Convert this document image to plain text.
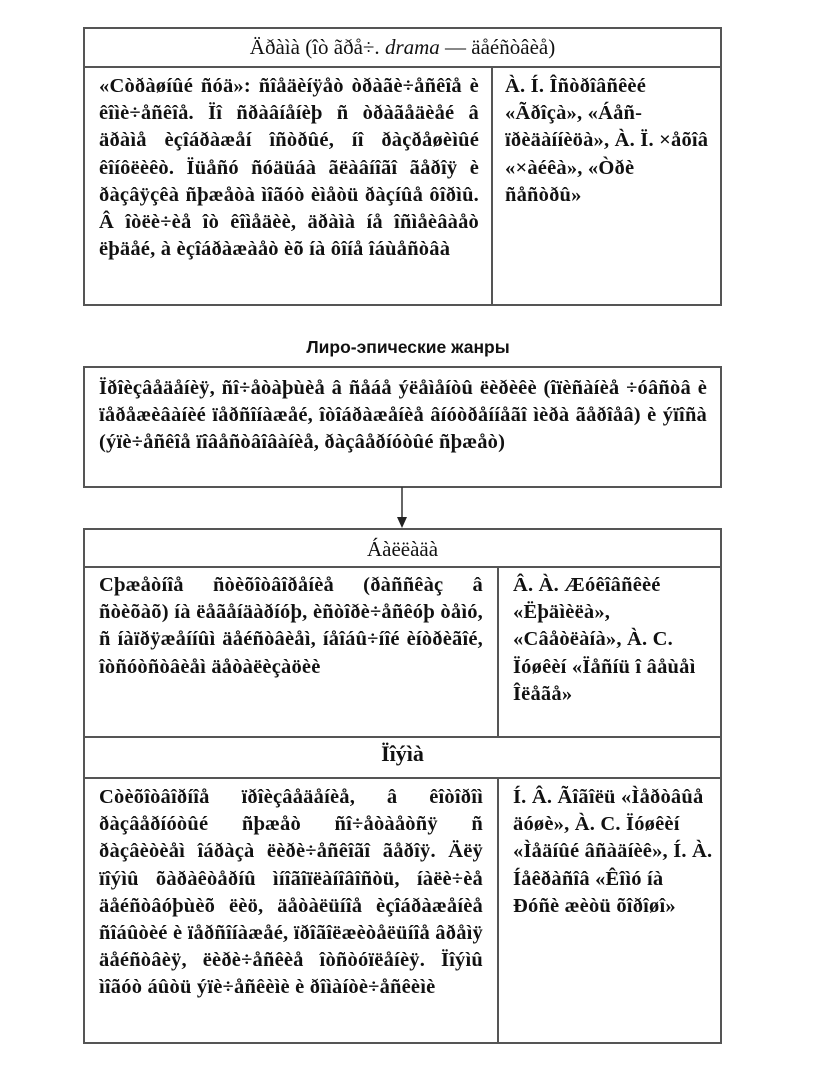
Äðàìà (îò ãðå÷. drama — äåéñòâèå)

«Còðàøíûé ñóä»: ñîåäèíÿåò òðàãè÷åñêîå è êîìè÷åñêîå. Ïî ñðàâíåíèþ ñ òðàãåäèåé â äðàìå èçîáðàæåí îñòðûé, íî ðàçðåøèìûé êîíôëèêò. Ïüåñó ñóäüáà ãëàâíîãî ãåðîÿ è ðàçâÿçêà ñþæåòà ìîãóò èìåòü ðàçíûå ôîðìû. Â îòëè÷èå îò êîìåäèè, äðàìà íå îñìåèâàåò ëþäåé, à èçîáðàæàåò èõ íà ôîíå îáùåñòâà

À. Í. Îñòðîâñêèé «Ãðîçà», «Áåñïðèäàííèöà», À. Ï. ×åõîâ «×àéêà», «Òðè ñåñòðû»

Лиро-эпические жанры

Ïðîèçâåäåíèÿ, ñî÷åòàþùèå â ñåáå ýëåìåíòû ëèðèêè (îïèñàíèå ÷óâñòâ è ïåðåæèâàíèé ïåðñîíàæåé, îòîáðàæåíèå âíóòðåííåãî ìèðà ãåðîåâ) è ýïîñà (ýïè÷åñêîå ïîâåñòâîâàíèå, ðàçâåðíóòûé ñþæåò)

Áàëëàäà

Cþæåòíîå ñòèõîòâîðåíèå (ðàññêàç â ñòèõàõ) íà ëåãåíäàðíóþ, èñòîðè÷åñêóþ òåìó, ñ íàïðÿæåííûì äåéñòâèåì, íåîáû÷íîé èíòðèãîé, îòñóòñòâèåì äåòàëèçàöèè

Â. À. Æóêîâñêèé «Ëþäìèëà», «Câåòëàíà», À. C. Ïóøêèí «Ïåñíü î âåùåì Îëåãå»

Ïîýìà

Còèõîòâîðíîå ïðîèçâåäåíèå, â êîòîðîì ðàçâåðíóòûé ñþæåò ñî÷åòàåòñÿ ñ ðàçâèòèåì îáðàçà ëèðè÷åñêîãî ãåðîÿ. Äëÿ ïîýìû õàðàêòåðíû ìíîãîïëàíîâîñòü, íàëè÷èå äåéñòâóþùèõ ëèö, äåòàëüíîå èçîáðàæåíèå ñîáûòèé è ïåðñîíàæåé, ïðîãîëæèòåëüíîå âðåìÿ äåéñòâèÿ, ëèðè÷åñêèå îòñòóïëåíèÿ. Ïîýìû ìîãóò áûòü ýïè÷åñêèìè è ðîìàíòè÷åñêèìè

Í. Â. Ãîãîëü «Ìåðòâûå äóøè», À. C. Ïóøêèí «Ìåäíûé âñàäíèê», Í. À. Íåêðàñîâ «Êîìó íà Ðóñè æèòü õîðîøî»
